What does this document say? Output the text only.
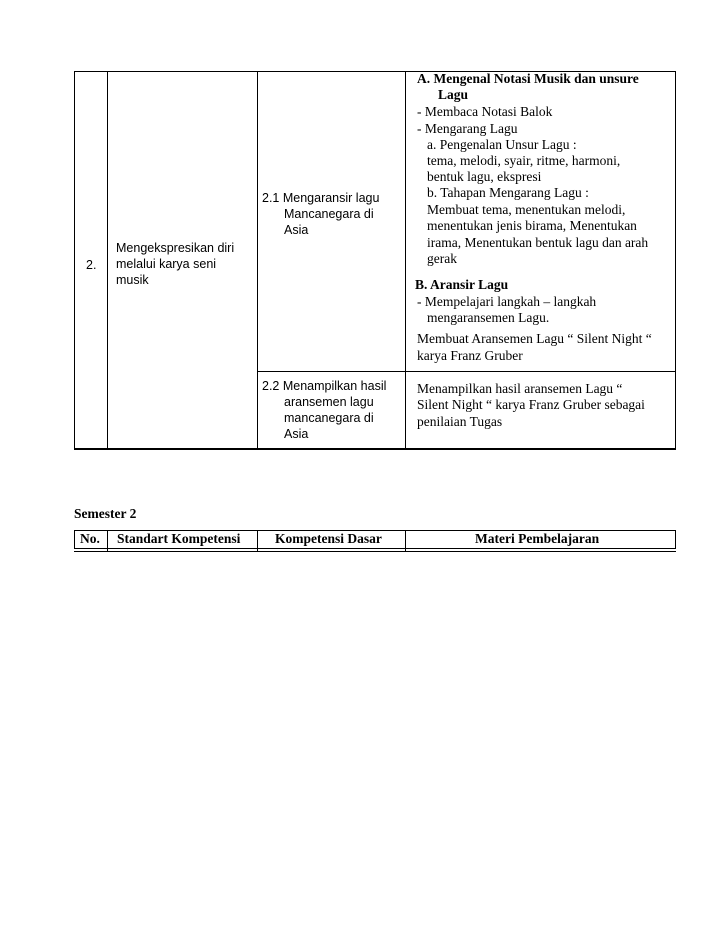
2.
Mengekspresikan diri
melalui karya seni
musik
2.1 Mengaransir lagu
Mancanegara di
Asia
2.2 Menampilkan hasil
aransemen lagu
mancanegara di
Asia
A. Mengenal Notasi Musik dan unsure
Lagu
- Membaca Notasi Balok
- Mengarang Lagu
a. Pengenalan Unsur Lagu :
tema, melodi, syair, ritme, harmoni,
bentuk lagu, ekspresi
b. Tahapan Mengarang Lagu :
Membuat tema, menentukan melodi,
menentukan jenis birama, Menentukan
irama, Menentukan bentuk lagu dan arah
gerak
B. Aransir Lagu
- Mempelajari langkah – langkah
mengaransemen Lagu.
Membuat Aransemen Lagu “ Silent Night “
karya Franz Gruber
Menampilkan hasil aransemen Lagu “
Silent Night “ karya Franz Gruber sebagai
penilaian Tugas
Semester 2
No. Standart Kompetensi	Kompetensi Dasar	Materi Pembelajaran
